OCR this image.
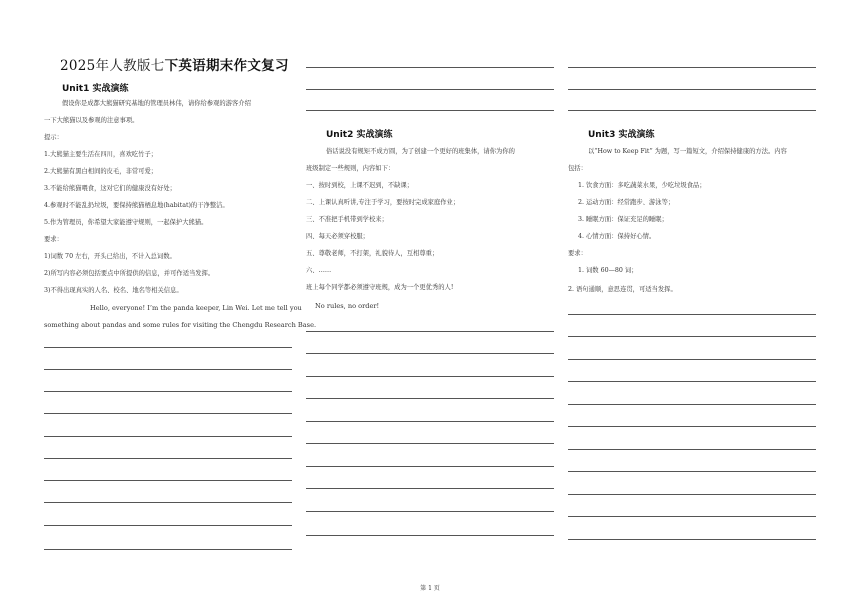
2025年人教版七下英语期末作文复习
Unit1 实战演练
假设你是成都大熊猫研究基地的管理员林伟，请你给参观的游客介绍
一下大熊猫以及参观的注意事项。
提示：
1.大熊猫主要生活在四川，喜欢吃竹子；
2.大熊猫有黑白相间的皮毛，非常可爱；
3.不能给熊猫喂食，这对它们的健康没有好处；
4.参观时不能乱扔垃圾，要保持熊猫栖息地(habitat)的干净整洁。
5.作为管理员，你希望大家能遵守规则，一起保护大熊猫。
要求：
1)词数 70 左右，开头已给出，不计入总词数。
2)所写内容必须包括要点中所提供的信息，并可作适当发挥。
3)不得出现真实的人名、校名、地名等相关信息。
Hello, everyone! I’m the panda keeper, Lin Wei. Let me tell you
something about pandas and some rules for visiting the Chengdu Research Base.
Unit2 实战演练
俗话说没有规矩不成方圆，为了创建一个更好的班集体，请你为你的
班级制定一些规则，内容如下：
一、按时到校，上课不迟到，不缺课；
二、上课认真听讲,专注于学习，要按时完成家庭作业；
三、不准把手机带到学校来；
四、每天必须穿校服；
五、尊敬老师，不打架，礼貌待人，互相尊重；
六、……
班上每个同学都必须遵守班规，成为一个更优秀的人!
No rules, no order!
Unit3 实战演练
以“How to Keep Fit” 为题，写一篇短文，介绍保持健康的方法。内容
包括：
1. 饮食方面：多吃蔬菜水果，少吃垃圾食品；
2. 运动方面：经常跑步、游泳等；
3. 睡眠方面：保证充足的睡眠；
4. 心情方面：保持好心情。
要求：
1. 词数 60—80 词；
2. 语句通顺，意思连贯，可适当发挥。
第 1 页
